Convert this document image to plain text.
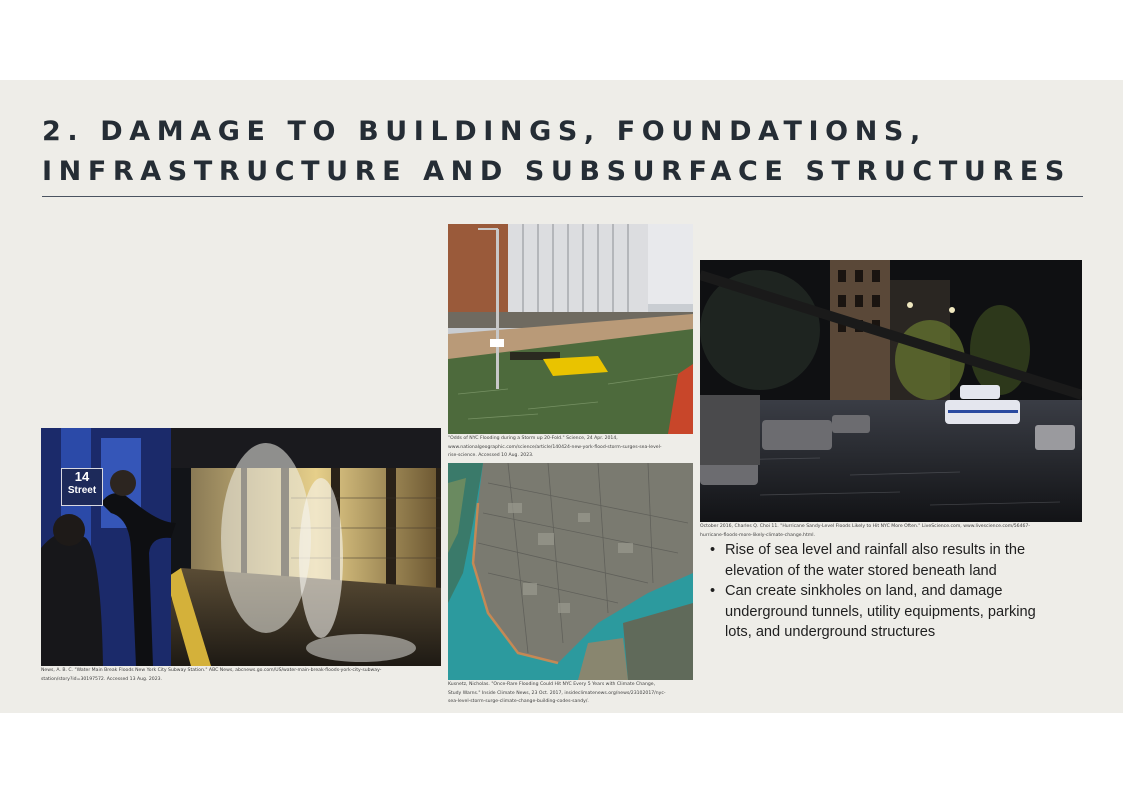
2. DAMAGE TO BUILDINGS, FOUNDATIONS,
INFRASTRUCTURE AND SUBSURFACE STRUCTURES
14
Street

News, A. B. C. "Water Main Break Floods New York City Subway Station." ABC News, abcnews.go.com/US/water-main-break-floods-york-city-subway-
station/story?id=30197572. Accessed 13 Aug. 2023.

"Odds of NYC Flooding during a Storm up 20-Fold." Science, 24 Apr. 2014,
www.nationalgeographic.com/science/article/140424-new-york-flood-storm-surges-sea-level-
rise-science. Accessed 10 Aug. 2023.

Kusnetz, Nicholas. "Once-Rare Flooding Could Hit NYC Every 5 Years with Climate Change,
Study Warns." Inside Climate News, 23 Oct. 2017, insideclimatenews.org/news/23102017/nyc-
sea-level-storm-surge-climate-change-building-codes-sandy/.

October 2016, Charles Q. Choi 11. "Hurricane Sandy-Level Floods Likely to Hit NYC More Often." LiveScience.com, www.livescience.com/56467-
hurricane-floods-more-likely-climate-change.html.

• Rise of sea level and rainfall also results in the elevation of the water stored beneath land
• Can create sinkholes on land, and damage underground tunnels, utility equipments, parking lots, and underground structures
